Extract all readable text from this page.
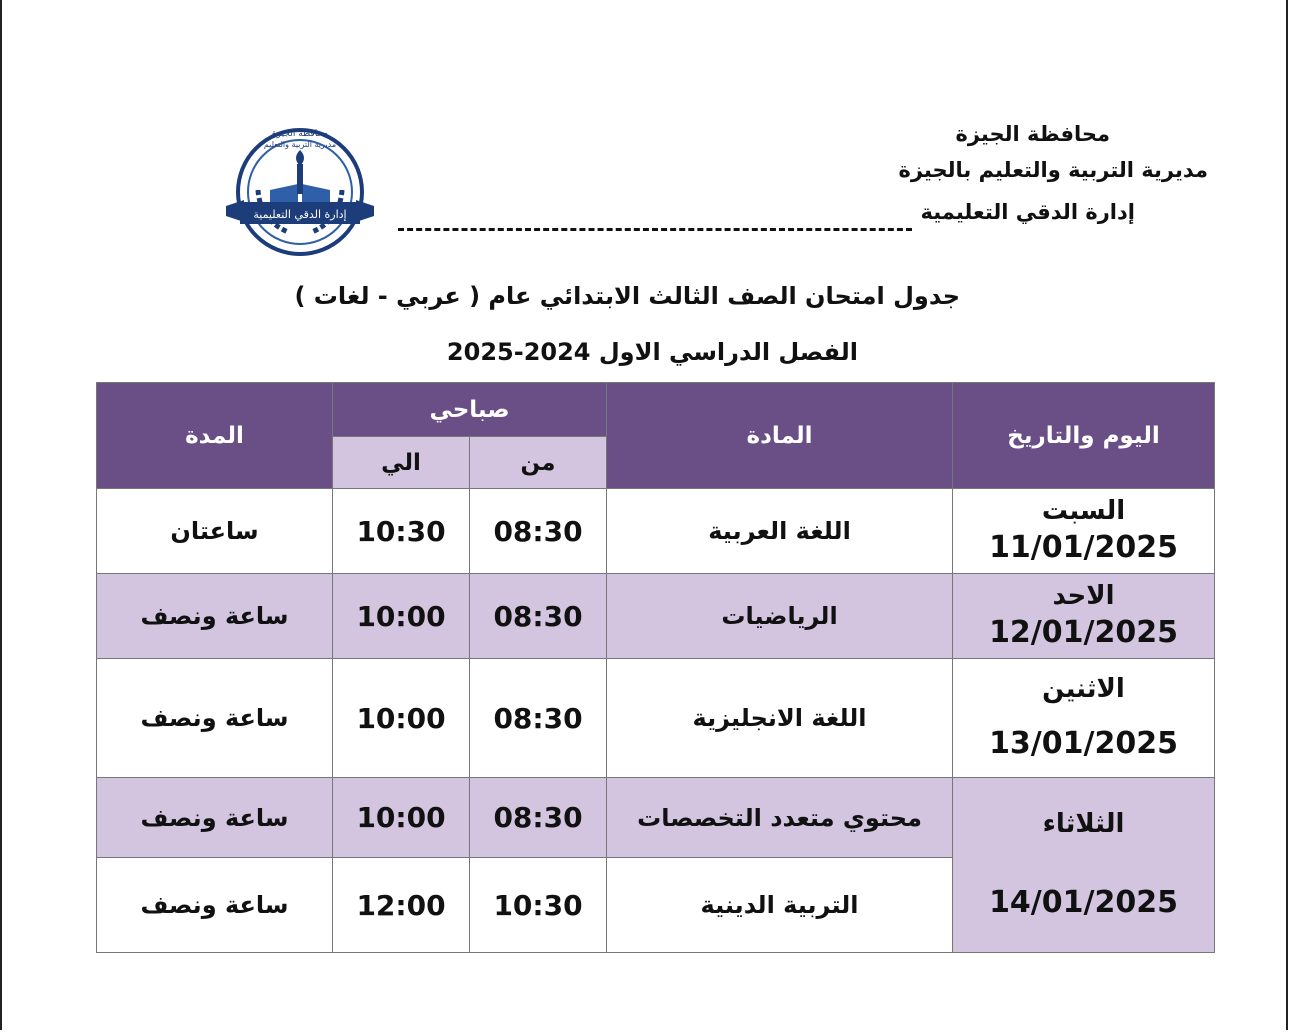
محافظة الجيزة
مديرية التربية والتعليم بالجيزة
إدارة الدقي التعليمية
إدارة الدقي التعليمية
محافظة الجيزة
مديرية التربية والتعليم
جدول امتحان الصف الثالث الابتدائي عام ( عربي - لغات )
الفصل الدراسي الاول 2024-2025
اليوم والتاريخ	المادة	صباحي		المدة
		من	الي	

السبت
11/01/2025	اللغة العربية	08:30	10:30	ساعتان

الاحد
12/01/2025	الرياضيات	08:30	10:00	ساعة ونصف

الاثنين
13/01/2025	اللغة الانجليزية	08:30	10:00	ساعة ونصف

الثلاثاء
14/01/2025	محتوي متعدد التخصصات	08:30	10:00	ساعة ونصف
	التربية الدينية	10:30	12:00	ساعة ونصف
